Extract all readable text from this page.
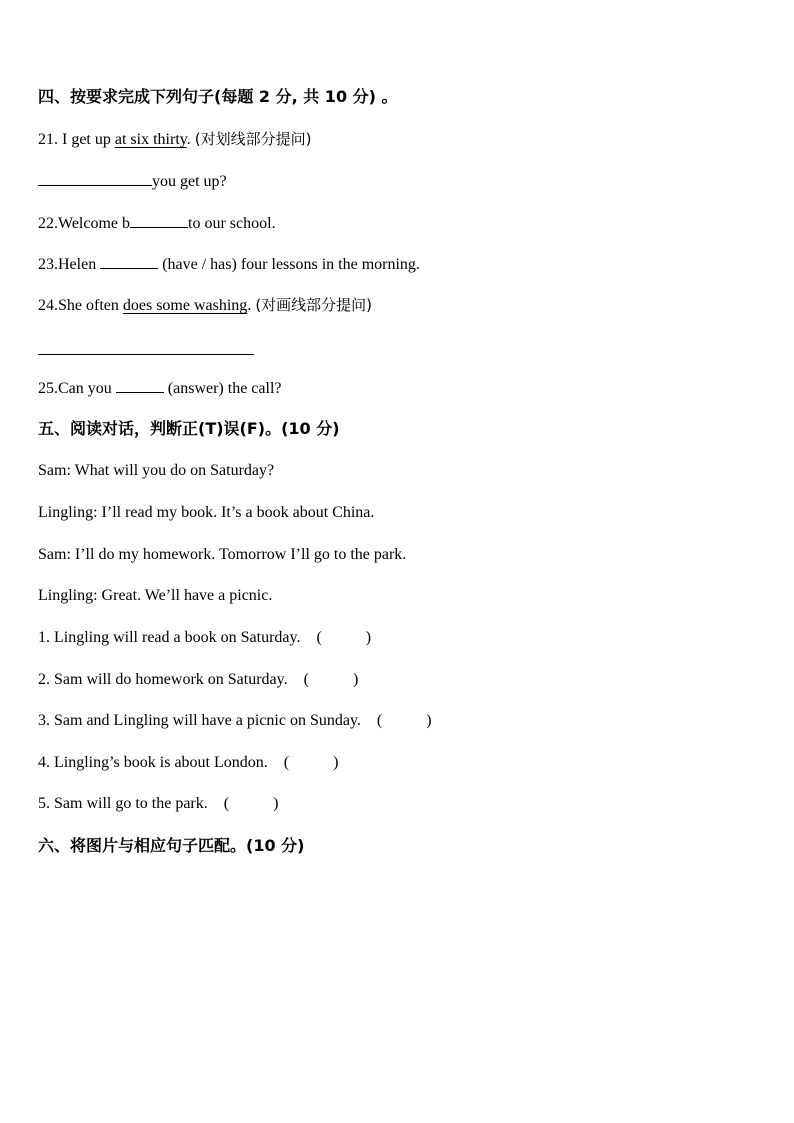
四、按要求完成下列句子(每题 2 分, 共 10 分) 。
21. I get up at six thirty. (对划线部分提问)
you get up?
22.Welcome b	to our school.
23.Helen	(have / has) four lessons in the morning.
24.She often does some washing. (对画线部分提问)
25.Can you	(answer) the call?
五、阅读对话，判断正(T)误(F)。(10 分)
Sam: What will you do on Saturday?
Lingling: I’ll read my book. It’s a book about China.
Sam: I’ll do my homework. Tomorrow I’ll go to the park.
Lingling: Great. We’ll have a picnic.
1. Lingling will read a book on Saturday. (	)
2. Sam will do homework on Saturday. (	)
3. Sam and Lingling will have a picnic on Sunday. (	)
4. Lingling’s book is about London. (	)
5. Sam will go to the park. (	)
六、将图片与相应句子匹配。(10 分)
